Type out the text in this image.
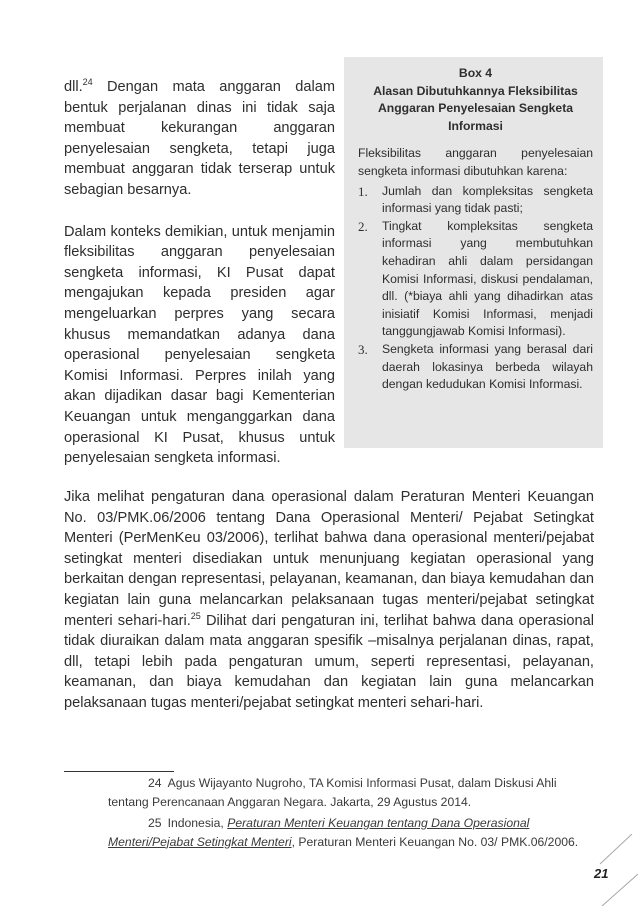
dll.$^{24}$ Dengan mata anggaran dalam bentuk perjalanan dinas ini tidak saja membuat kekurangan anggaran penyelesaian sengketa, tetapi juga membuat anggaran tidak terserap untuk sebagian besarnya.

Dalam konteks demikian, untuk menjamin fleksibilitas anggaran penyelesaian sengketa informasi, KI Pusat dapat mengajukan kepada presiden agar mengeluarkan perpres yang secara khusus memandatkan adanya dana operasional penyelesaian sengketa Komisi Informasi. Perpres inilah yang akan dijadikan dasar bagi Kementerian Keuangan untuk menganggarkan dana operasional KI Pusat, khusus untuk penyelesaian sengketa informasi.

Box 4
Alasan Dibutuhkannya Fleksibilitas
Anggaran Penyelesaian Sengketa
Informasi

Fleksibilitas anggaran penyelesaian sengketa informasi dibutuhkan karena:

1.	Jumlah dan kompleksitas sengketa informasi yang tidak pasti;
2.	Tingkat kompleksitas sengketa informasi yang membutuhkan kehadiran ahli dalam persidangan Komisi Informasi, diskusi pendalaman, dll. (*biaya ahli yang dihadirkan atas inisiatif Komisi Informasi, menjadi tanggungjawab Komisi Informasi).
3.	Sengketa informasi yang berasal dari daerah lokasinya berbeda wilayah dengan kedudukan Komisi Informasi.

Jika melihat pengaturan dana operasional dalam Peraturan Menteri Keuangan No. 03/PMK.06/2006 tentang Dana Operasional Menteri/ Pejabat Setingkat Menteri (PerMenKeu 03/2006), terlihat bahwa dana operasional menteri/pejabat setingkat menteri disediakan untuk menunjuang kegiatan operasional yang berkaitan dengan representasi, pelayanan, keamanan, dan biaya kemudahan dan kegiatan lain guna melancarkan pelaksanaan tugas menteri/pejabat setingkat menteri sehari-hari.$^{25}$ Dilihat dari pengaturan ini, terlihat bahwa dana operasional tidak diuraikan dalam mata anggaran spesifik –misalnya perjalanan dinas, rapat, dll, tetapi lebih pada pengaturan umum, seperti representasi, pelayanan, keamanan, dan biaya kemudahan dan kegiatan lain guna melancarkan pelaksanaan tugas menteri/pejabat setingkat menteri sehari-hari.

24 Agus Wijayanto Nugroho, TA Komisi Informasi Pusat, dalam Diskusi Ahli tentang Perencanaan Anggaran Negara. Jakarta, 29 Agustus 2014.

25 Indonesia, Peraturan Menteri Keuangan tentang Dana Operasional Menteri/Pejabat Setingkat Menteri, Peraturan Menteri Keuangan No. 03/ PMK.06/2006.

21
